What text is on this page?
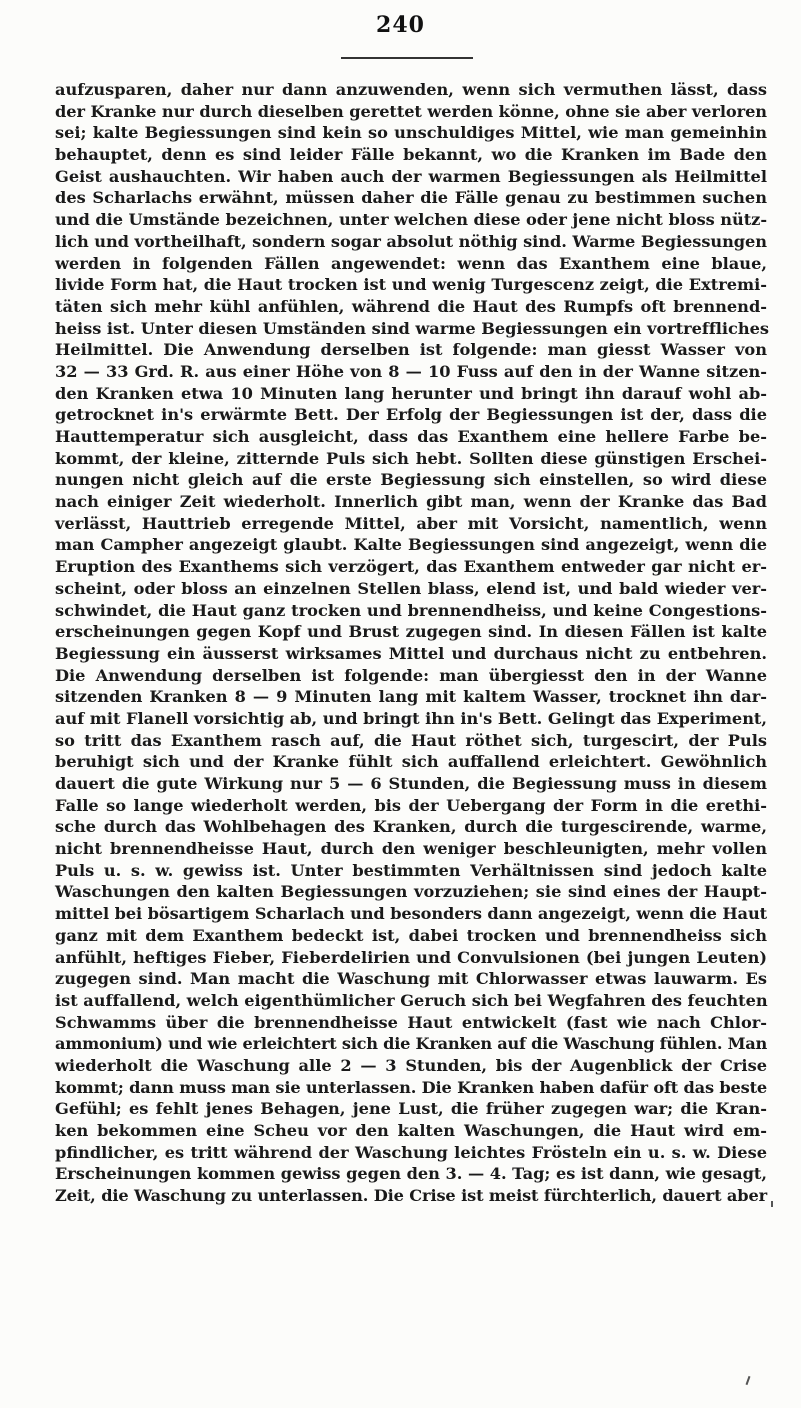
240
aufzusparen, daher nur dann anzuwenden, wenn sich vermuthen lässt, dass
der Kranke nur durch dieselben gerettet werden könne, ohne sie aber verloren
sei; kalte Begiessungen sind kein so unschuldiges Mittel, wie man gemeinhin
behauptet, denn es sind leider Fälle bekannt, wo die Kranken im Bade den
Geist aushauchten. Wir haben auch der warmen Begiessungen als Heilmittel
des Scharlachs erwähnt, müssen daher die Fälle genau zu bestimmen suchen
und die Umstände bezeichnen, unter welchen diese oder jene nicht bloss nütz-
lich und vortheilhaft, sondern sogar absolut nöthig sind. Warme Begiessungen
werden in folgenden Fällen angewendet: wenn das Exanthem eine blaue,
livide Form hat, die Haut trocken ist und wenig Turgescenz zeigt, die Extremi-
täten sich mehr kühl anfühlen, während die Haut des Rumpfs oft brennend-
heiss ist. Unter diesen Umständen sind warme Begiessungen ein vortreffliches
Heilmittel. Die Anwendung derselben ist folgende: man giesst Wasser von
32 — 33 Grd. R. aus einer Höhe von 8 — 10 Fuss auf den in der Wanne sitzen-
den Kranken etwa 10 Minuten lang herunter und bringt ihn darauf wohl ab-
getrocknet in's erwärmte Bett. Der Erfolg der Begiessungen ist der, dass die
Hauttemperatur sich ausgleicht, dass das Exanthem eine hellere Farbe be-
kommt, der kleine, zitternde Puls sich hebt. Sollten diese günstigen Erschei-
nungen nicht gleich auf die erste Begiessung sich einstellen, so wird diese
nach einiger Zeit wiederholt. Innerlich gibt man, wenn der Kranke das Bad
verlässt, Hauttrieb erregende Mittel, aber mit Vorsicht, namentlich, wenn
man Campher angezeigt glaubt. Kalte Begiessungen sind angezeigt, wenn die
Eruption des Exanthems sich verzögert, das Exanthem entweder gar nicht er-
scheint, oder bloss an einzelnen Stellen blass, elend ist, und bald wieder ver-
schwindet, die Haut ganz trocken und brennendheiss, und keine Congestions-
erscheinungen gegen Kopf und Brust zugegen sind. In diesen Fällen ist kalte
Begiessung ein äusserst wirksames Mittel und durchaus nicht zu entbehren.
Die Anwendung derselben ist folgende: man übergiesst den in der Wanne
sitzenden Kranken 8 — 9 Minuten lang mit kaltem Wasser, trocknet ihn dar-
auf mit Flanell vorsichtig ab, und bringt ihn in's Bett. Gelingt das Experiment,
so tritt das Exanthem rasch auf, die Haut röthet sich, turgescirt, der Puls
beruhigt sich und der Kranke fühlt sich auffallend erleichtert. Gewöhnlich
dauert die gute Wirkung nur 5 — 6 Stunden, die Begiessung muss in diesem
Falle so lange wiederholt werden, bis der Uebergang der Form in die erethi-
sche durch das Wohlbehagen des Kranken, durch die turgescirende, warme,
nicht brennendheisse Haut, durch den weniger beschleunigten, mehr vollen
Puls u. s. w. gewiss ist. Unter bestimmten Verhältnissen sind jedoch kalte
Waschungen den kalten Begiessungen vorzuziehen; sie sind eines der Haupt-
mittel bei bösartigem Scharlach und besonders dann angezeigt, wenn die Haut
ganz mit dem Exanthem bedeckt ist, dabei trocken und brennendheiss sich
anfühlt, heftiges Fieber, Fieberdelirien und Convulsionen (bei jungen Leuten)
zugegen sind. Man macht die Waschung mit Chlorwasser etwas lauwarm. Es
ist auffallend, welch eigenthümlicher Geruch sich bei Wegfahren des feuchten
Schwamms über die brennendheisse Haut entwickelt (fast wie nach Chlor-
ammonium) und wie erleichtert sich die Kranken auf die Waschung fühlen. Man
wiederholt die Waschung alle 2 — 3 Stunden, bis der Augenblick der Crise
kommt; dann muss man sie unterlassen. Die Kranken haben dafür oft das beste
Gefühl; es fehlt jenes Behagen, jene Lust, die früher zugegen war; die Kran-
ken bekommen eine Scheu vor den kalten Waschungen, die Haut wird em-
pfindlicher, es tritt während der Waschung leichtes Frösteln ein u. s. w. Diese
Erscheinungen kommen gewiss gegen den 3. — 4. Tag; es ist dann, wie gesagt,
Zeit, die Waschung zu unterlassen. Die Crise ist meist fürchterlich, dauert aber
